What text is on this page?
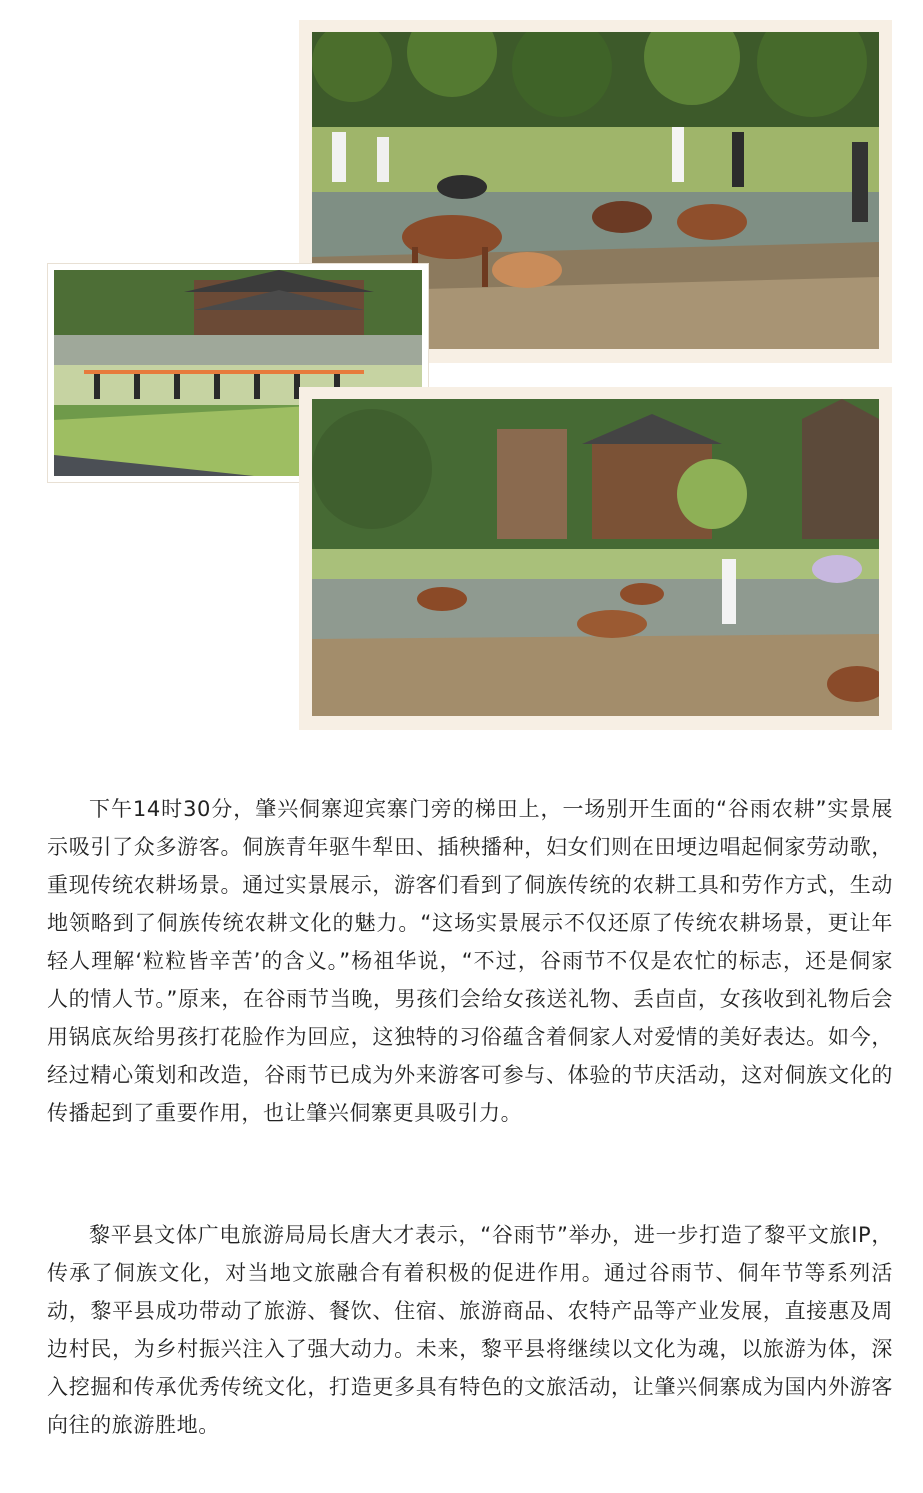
下午14时30分，肇兴侗寨迎宾寨门旁的梯田上，一场别开生面的“谷雨农耕”实景展示吸引了众多游客。侗族青年驱牛犁田、插秧播种，妇女们则在田埂边唱起侗家劳动歌，重现传统农耕场景。通过实景展示，游客们看到了侗族传统的农耕工具和劳作方式，生动地领略到了侗族传统农耕文化的魅力。“这场实景展示不仅还原了传统农耕场景，更让年轻人理解‘粒粒皆辛苦’的含义。”杨祖华说，“不过，谷雨节不仅是农忙的标志，还是侗家人的情人节。”原来，在谷雨节当晚，男孩们会给女孩送礼物、丢卣卣，女孩收到礼物后会用锅底灰给男孩打花脸作为回应，这独特的习俗蕴含着侗家人对爱情的美好表达。如今，经过精心策划和改造，谷雨节已成为外来游客可参与、体验的节庆活动，这对侗族文化的传播起到了重要作用，也让肇兴侗寨更具吸引力。

黎平县文体广电旅游局局长唐大才表示，“谷雨节”举办，进一步打造了黎平文旅IP，传承了侗族文化，对当地文旅融合有着积极的促进作用。通过谷雨节、侗年节等系列活动，黎平县成功带动了旅游、餐饮、住宿、旅游商品、农特产品等产业发展，直接惠及周边村民，为乡村振兴注入了强大动力。未来，黎平县将继续以文化为魂，以旅游为体，深入挖掘和传承优秀传统文化，打造更多具有特色的文旅活动，让肇兴侗寨成为国内外游客向往的旅游胜地。
